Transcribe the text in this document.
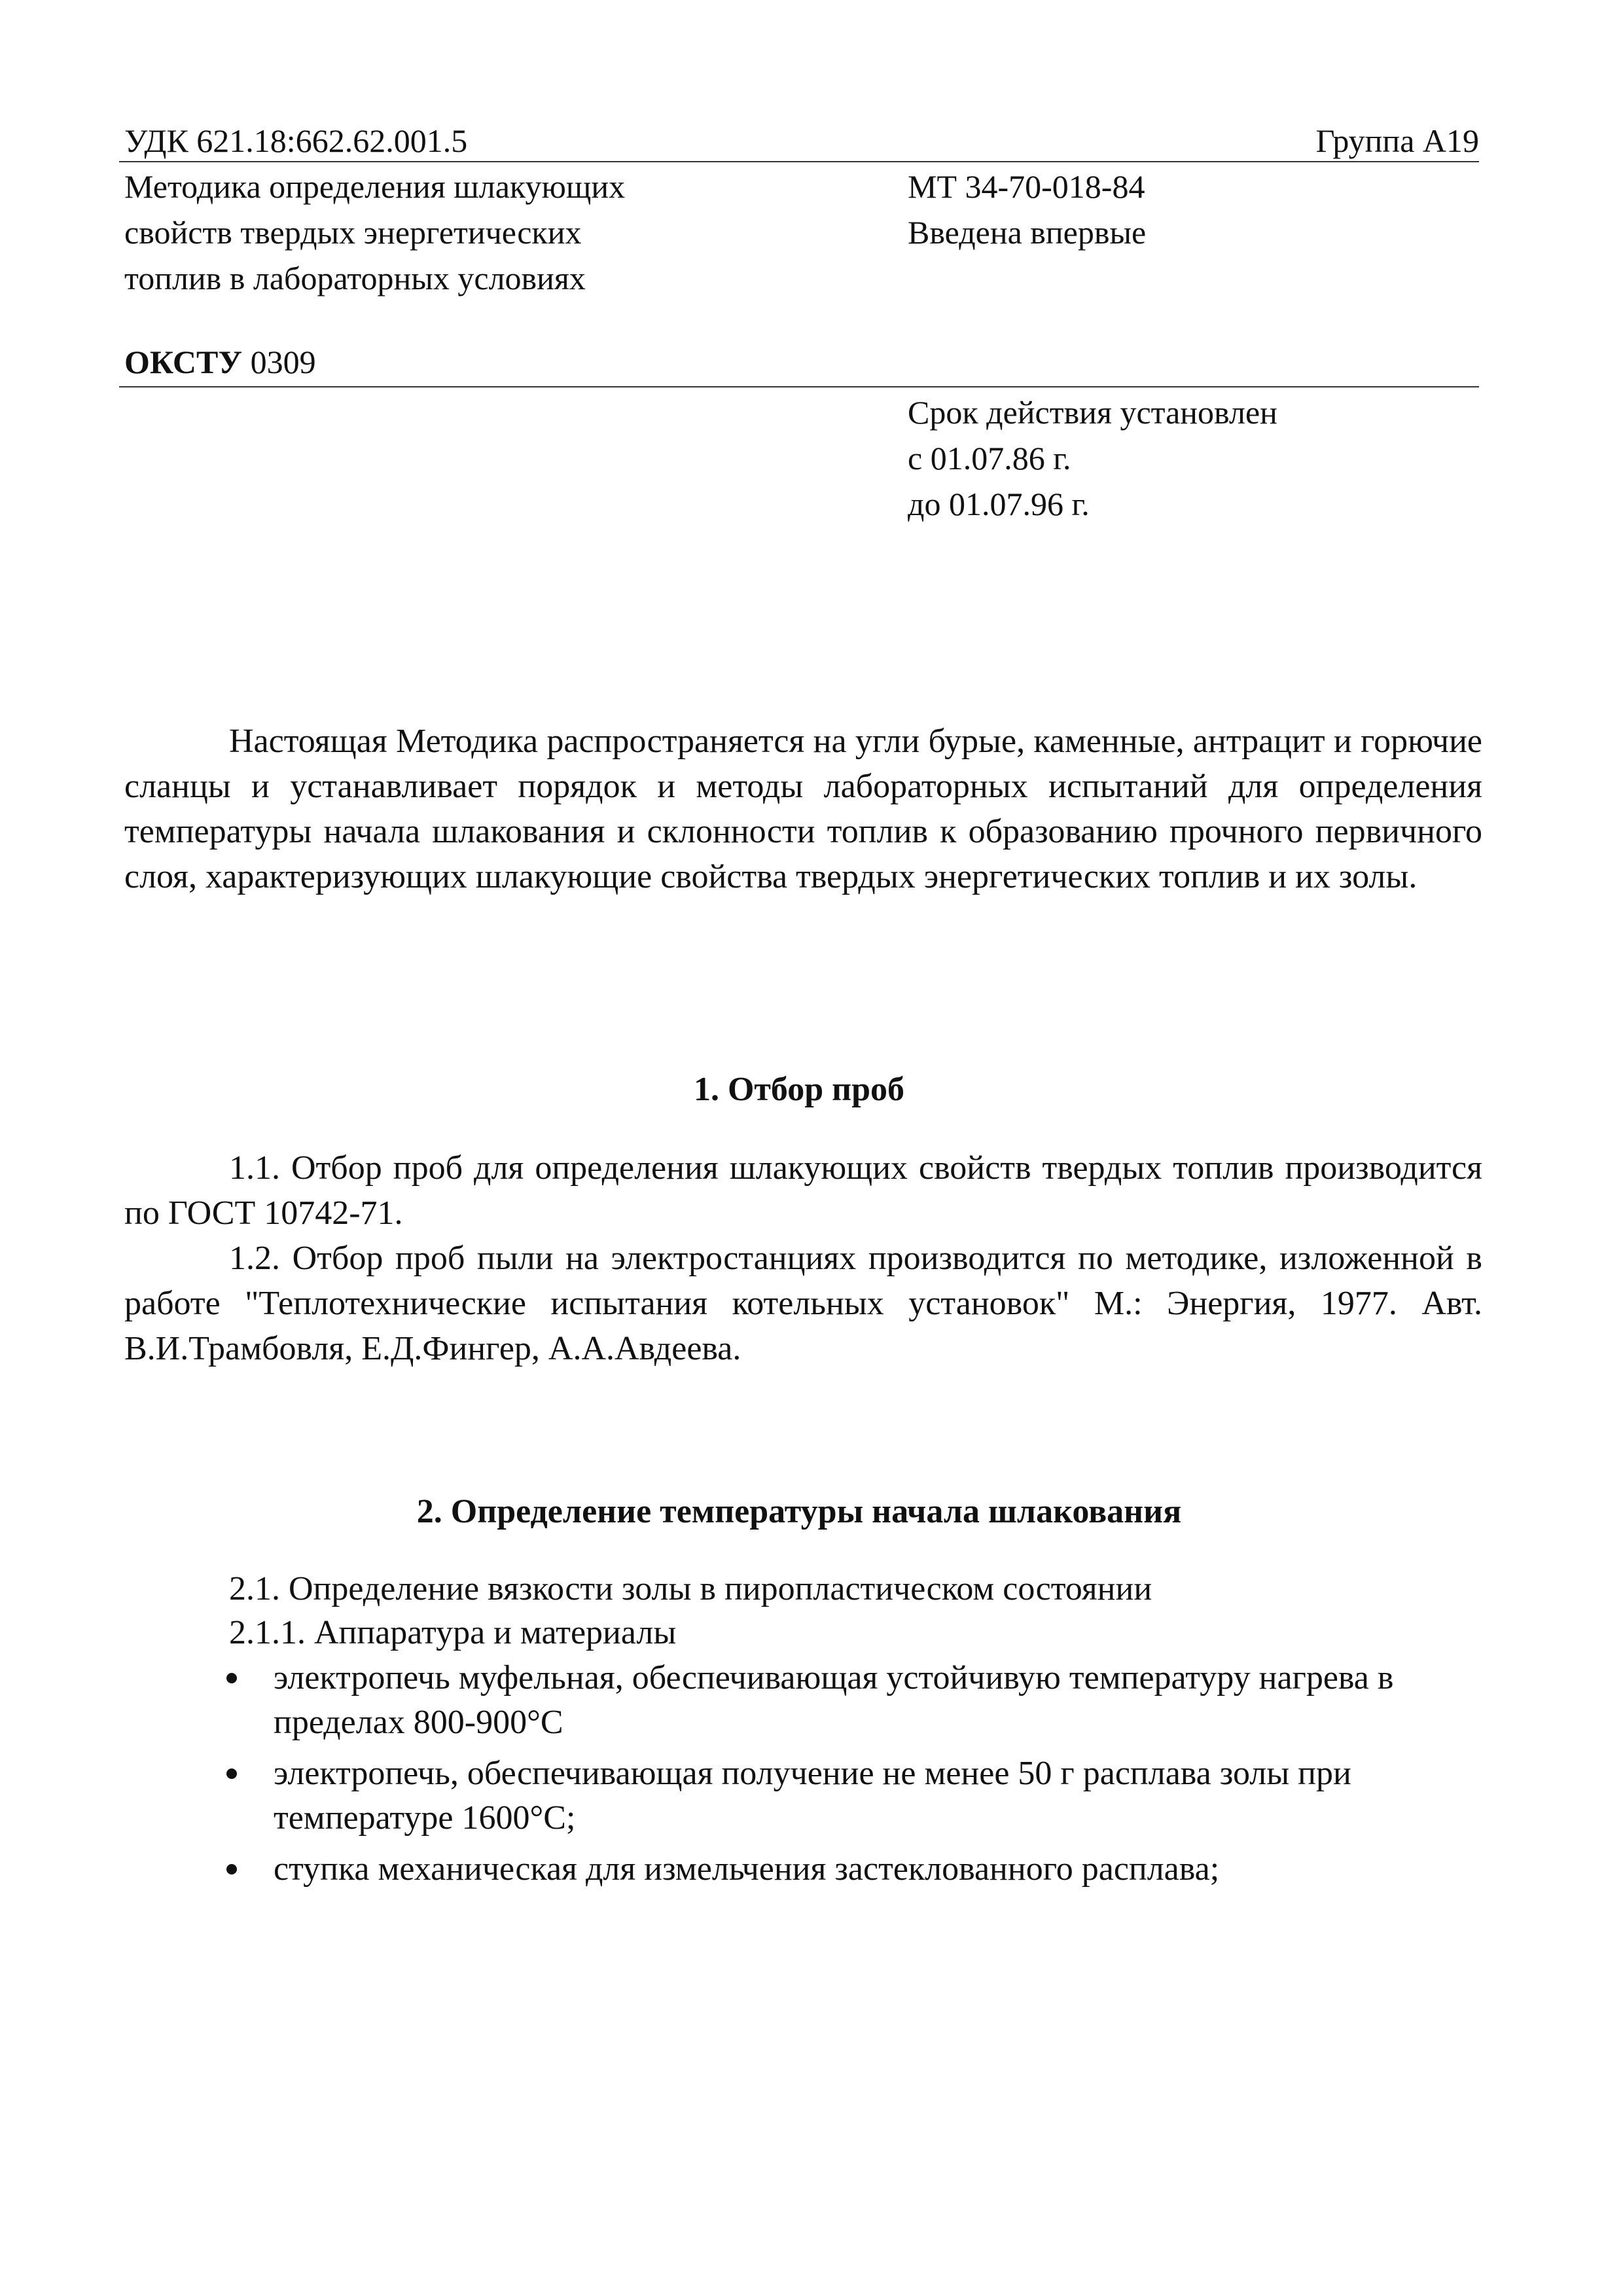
УДК 621.18:662.62.001.5	Группа А19

Методика определения шлакующих
свойств твердых энергетических
топлив в лабораторных условиях
МТ 34-70-018-84
Введена впервые

ОКСТУ 0309

Срок действия установлен
с 01.07.86 г.
до 01.07.96 г.

Настоящая Методика распространяется на угли бурые, каменные, антрацит и горючие сланцы и устанавливает порядок и методы лабораторных испытаний для определения температуры начала шлакования и склонности топлив к образованию прочного первичного слоя, характеризующих шлакующие свойства твердых энергетических топлив и их золы.

1. Отбор проб

1.1. Отбор проб для определения шлакующих свойств твердых топлив производится по ГОСТ 10742-71.

1.2. Отбор проб пыли на электростанциях производится по методике, изложенной в работе "Теплотехнические испытания котельных установок" М.: Энергия, 1977. Авт. В.И.Трамбовля, Е.Д.Фингер, А.А.Авдеева.

2. Определение температуры начала шлакования

2.1. Определение вязкости золы в пиропластическом состоянии

2.1.1. Аппаратура и материалы

электропечь муфельная, обеспечивающая устойчивую температуру нагрева в пределах 800-900°С
электропечь, обеспечивающая получение не менее 50 г расплава золы при температуре 1600°С;
ступка механическая для измельчения застеклованного расплава;
